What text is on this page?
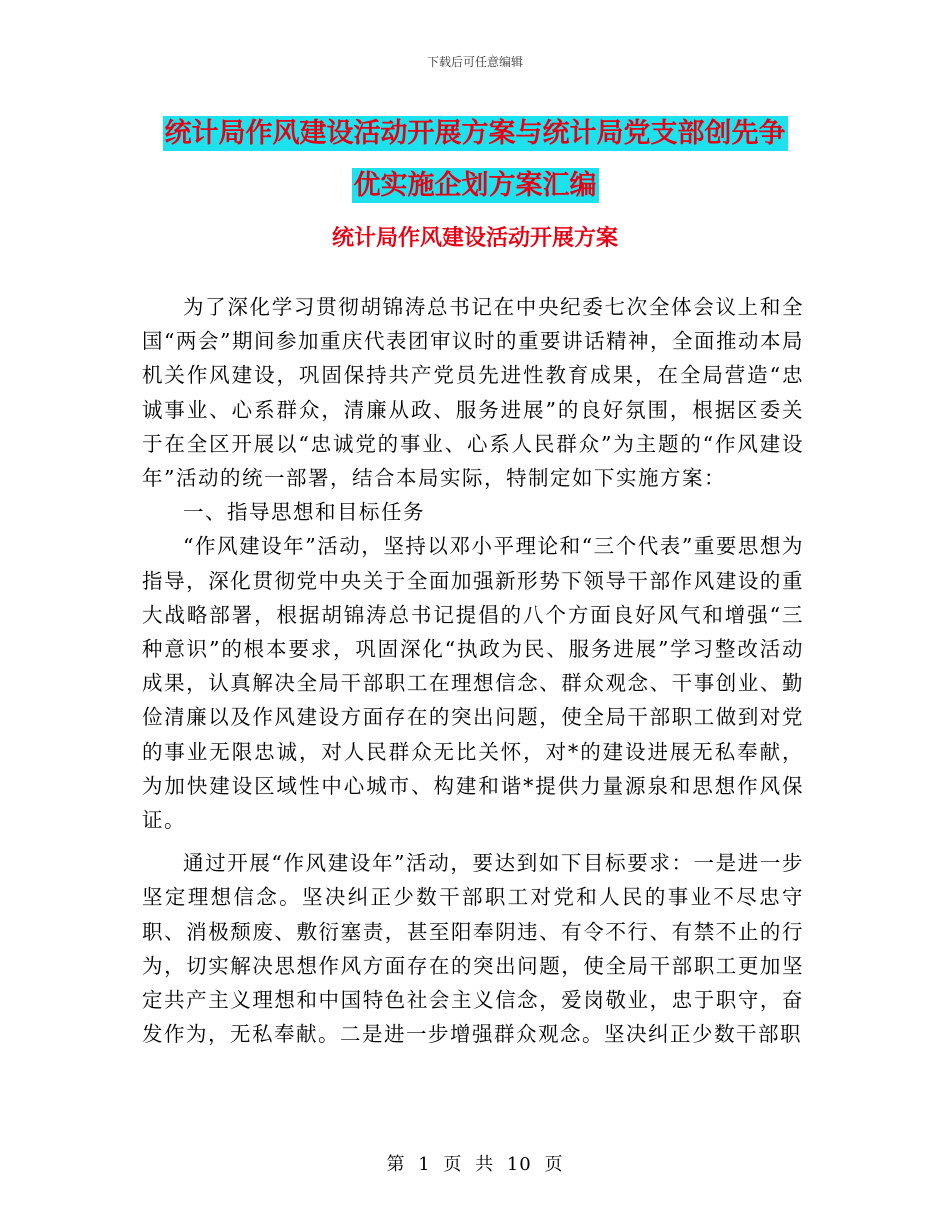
下载后可任意编辑
统计局作风建设活动开展方案与统计局党支部创先争
优实施企划方案汇编
统计局作风建设活动开展方案

为了深化学习贯彻胡锦涛总书记在中央纪委七次全体会议上和全国“两会”期间参加重庆代表团审议时的重要讲话精神，全面推动本局机关作风建设，巩固保持共产党员先进性教育成果，在全局营造“忠诚事业、心系群众，清廉从政、服务进展”的良好氛围，根据区委关于在全区开展以“忠诚党的事业、心系人民群众”为主题的“作风建设年”活动的统一部署，结合本局实际，特制定如下实施方案：

一、指导思想和目标任务

“作风建设年”活动，坚持以邓小平理论和“三个代表”重要思想为指导，深化贯彻党中央关于全面加强新形势下领导干部作风建设的重大战略部署，根据胡锦涛总书记提倡的八个方面良好风气和增强“三种意识”的根本要求，巩固深化“执政为民、服务进展”学习整改活动成果，认真解决全局干部职工在理想信念、群众观念、干事创业、勤俭清廉以及作风建设方面存在的突出问题，使全局干部职工做到对党的事业无限忠诚，对人民群众无比关怀，对*的建设进展无私奉献，为加快建设区域性中心城市、构建和谐*提供力量源泉和思想作风保证。

通过开展“作风建设年”活动，要达到如下目标要求：一是进一步坚定理想信念。坚决纠正少数干部职工对党和人民的事业不尽忠守职、消极颓废、敷衍塞责，甚至阳奉阴违、有令不行、有禁不止的行为，切实解决思想作风方面存在的突出问题，使全局干部职工更加坚定共产主义理想和中国特色社会主义信念，爱岗敬业，忠于职守，奋发作为，无私奉献。二是进一步增强群众观念。坚决纠正少数干部职

第 1 页 共 10 页
